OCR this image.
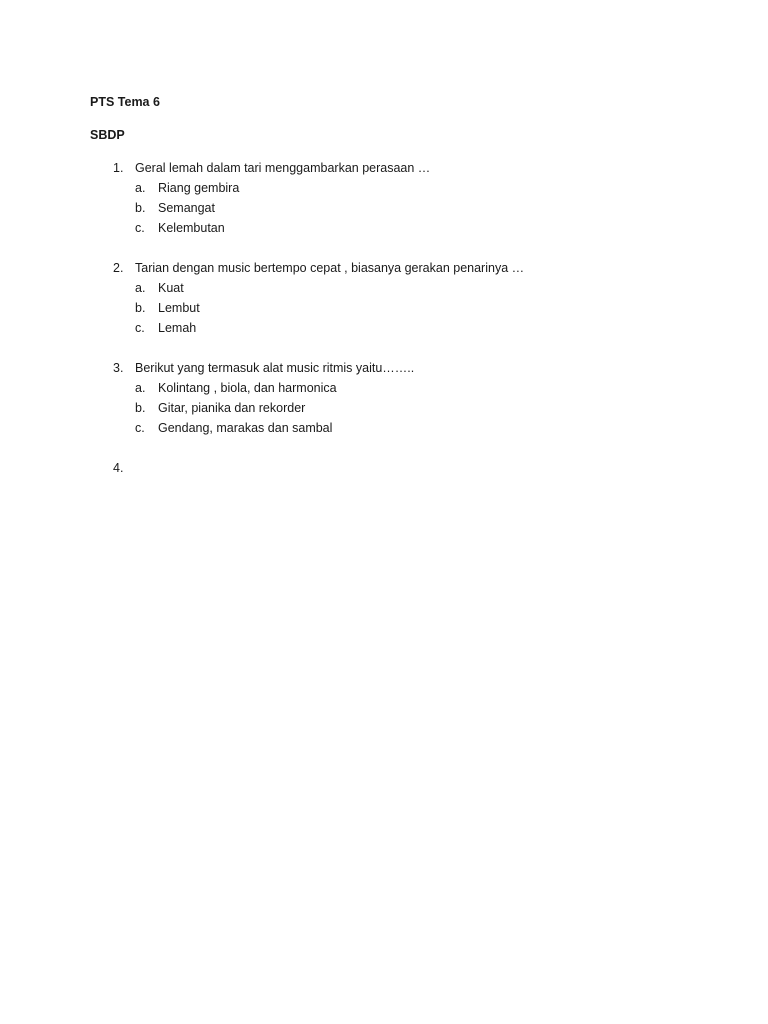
PTS Tema 6

SBDP

1. Geral lemah dalam tari menggambarkan perasaan …
a. Riang gembira
b. Semangat
c. Kelembutan
2. Tarian dengan music bertempo cepat , biasanya gerakan penarinya …
a. Kuat
b. Lembut
c. Lemah
3. Berikut yang termasuk alat music ritmis yaitu……..
a. Kolintang , biola, dan harmonica
b. Gitar, pianika dan rekorder
c. Gendang, marakas dan sambal
4.
